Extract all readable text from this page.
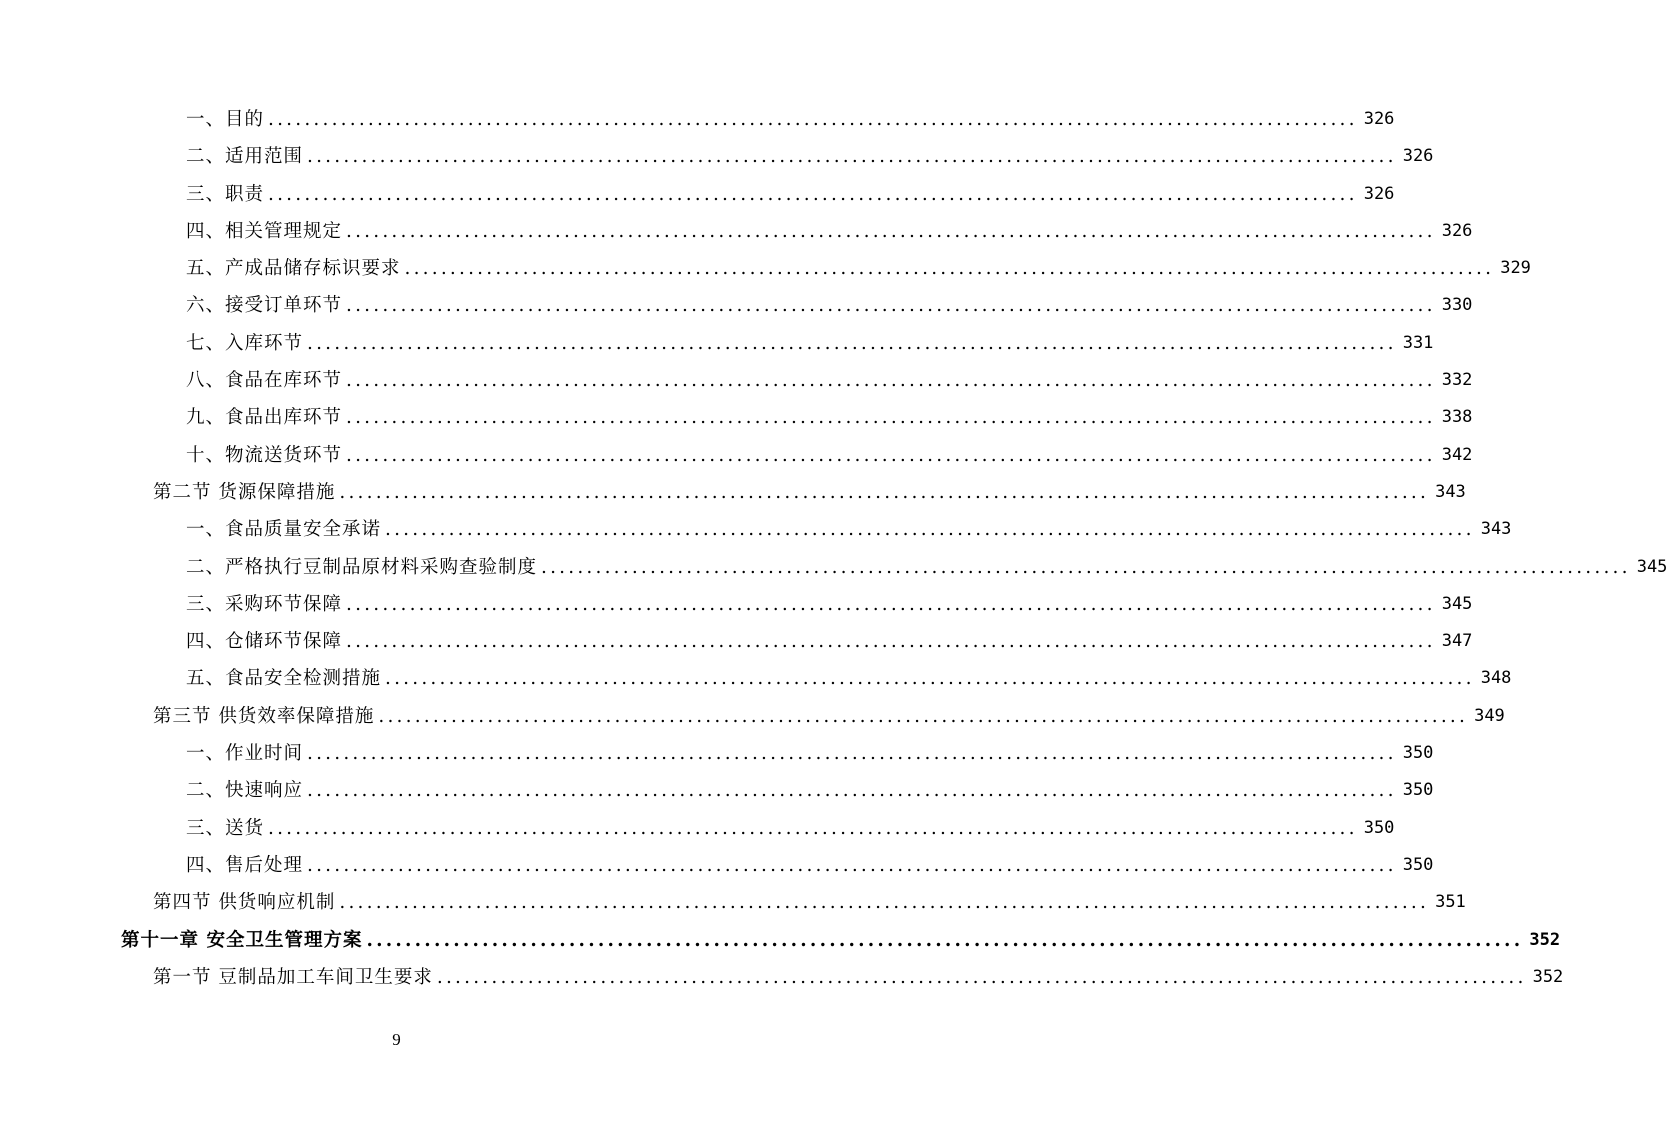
一、目的 ........................................................................................................................ 326
二、适用范围 ........................................................................................................................ 326
三、职责 ........................................................................................................................ 326
四、相关管理规定 ........................................................................................................................ 326
五、产成品储存标识要求 ........................................................................................................................ 329
六、接受订单环节 ........................................................................................................................ 330
七、入库环节 ........................................................................................................................ 331
八、食品在库环节 ........................................................................................................................ 332
九、食品出库环节 ........................................................................................................................ 338
十、物流送货环节 ........................................................................................................................ 342
第二节 货源保障措施 ........................................................................................................................ 343
一、食品质量安全承诺 ........................................................................................................................ 343
二、严格执行豆制品原材料采购查验制度 ........................................................................................................................ 345
三、采购环节保障 ........................................................................................................................ 345
四、仓储环节保障 ........................................................................................................................ 347
五、食品安全检测措施 ........................................................................................................................ 348
第三节 供货效率保障措施 ........................................................................................................................ 349
一、作业时间 ........................................................................................................................ 350
二、快速响应 ........................................................................................................................ 350
三、送货 ........................................................................................................................ 350
四、售后处理 ........................................................................................................................ 350
第四节 供货响应机制 ........................................................................................................................ 351
第十一章 安全卫生管理方案 ........................................................................................................................ 352
第一节 豆制品加工车间卫生要求 ........................................................................................................................ 352
9
